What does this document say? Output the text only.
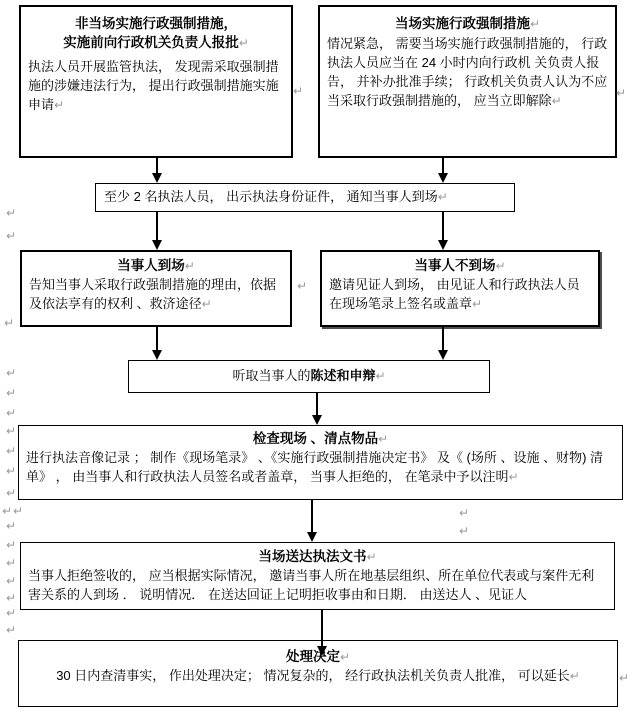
非当场实施行政强制措施，
实施前向行政机关负责人报批↵
执法人员开展监管执法， 发现需采取强制措施的涉嫌违法行为， 提出行政强制措施实施申请↵
当场实施行政强制措施↵
情况紧急， 需要当场实施行政强制措施的， 行政执法人员应当在 24 小时内向行政机 关负责人报告， 并补办批准手续； 行政机关负责人认为不应当采取行政强制措施的， 应当立即解除↵
至少 2 名执法人员， 出示执法身份证件， 通知当事人到场↵
当事人到场↵
告知当事人采取行政强制措施的理由，依据及依法享有的权利 、救济途径↵
当事人不到场↵
邀请见证人到场， 由见证人和行政执法人员在现场笔录上签名或盖章↵
听取当事人的陈述和申辩↵
检查现场 、清点物品↵
进行执法音像记录 ； 制作《现场笔录》 、《实施行政强制措施决定书》 及《 (场所 、设施 、财物) 清单》 ， 由当事人和行政执法人员签名或者盖章， 当事人拒绝的， 在笔录中予以注明↵
当场送达执法文书↵
当事人拒绝签收的， 应当根据实际情况， 邀请当事人所在地基层组织、所在单位代表或与案件无利害关系的人到场 ． 说明情况． 在送达回证上记明拒收事由和日期． 由送达人 、见证人
处理决定↵
30 日内查清事实， 作出处理决定； 情况复杂的， 经行政执法机关负责人批准， 可以延长↵
↵	↵
↵
↵
↵
↵
↵
↵
↵
↵
↵
↵
↵
↵ ↵
↵
↵
↵
↵
↵
↵
↵
↵
↵
↵
